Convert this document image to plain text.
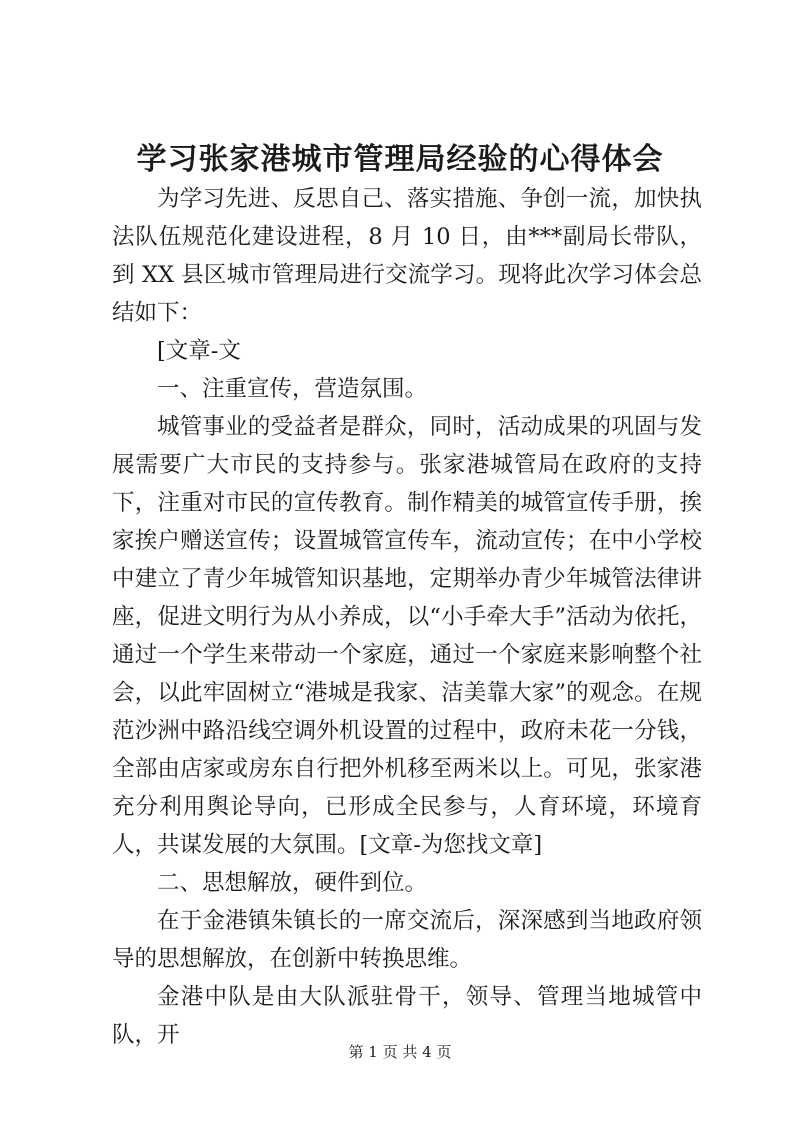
学习张家港城市管理局经验的心得体会

为学习先进、反思自己、落实措施、争创一流，加快执法队伍规范化建设进程，8 月 10 日，由***副局长带队，到 XX 县区城市管理局进行交流学习。现将此次学习体会总结如下：

[文章-文

一、注重宣传，营造氛围。

城管事业的受益者是群众，同时，活动成果的巩固与发展需要广大市民的支持参与。张家港城管局在政府的支持下，注重对市民的宣传教育。制作精美的城管宣传手册，挨家挨户赠送宣传；设置城管宣传车，流动宣传；在中小学校中建立了青少年城管知识基地，定期举办青少年城管法律讲座，促进文明行为从小养成，以“小手牵大手”活动为依托，通过一个学生来带动一个家庭，通过一个家庭来影响整个社会，以此牢固树立“港城是我家、洁美靠大家”的观念。在规范沙洲中路沿线空调外机设置的过程中，政府未花一分钱，全部由店家或房东自行把外机移至两米以上。可见，张家港充分利用舆论导向，已形成全民参与，人育环境，环境育人，共谋发展的大氛围。[文章-为您找文章]

二、思想解放，硬件到位。

在于金港镇朱镇长的一席交流后，深深感到当地政府领导的思想解放，在创新中转换思维。

金港中队是由大队派驻骨干，领导、管理当地城管中队，开

第 1 页 共 4 页
